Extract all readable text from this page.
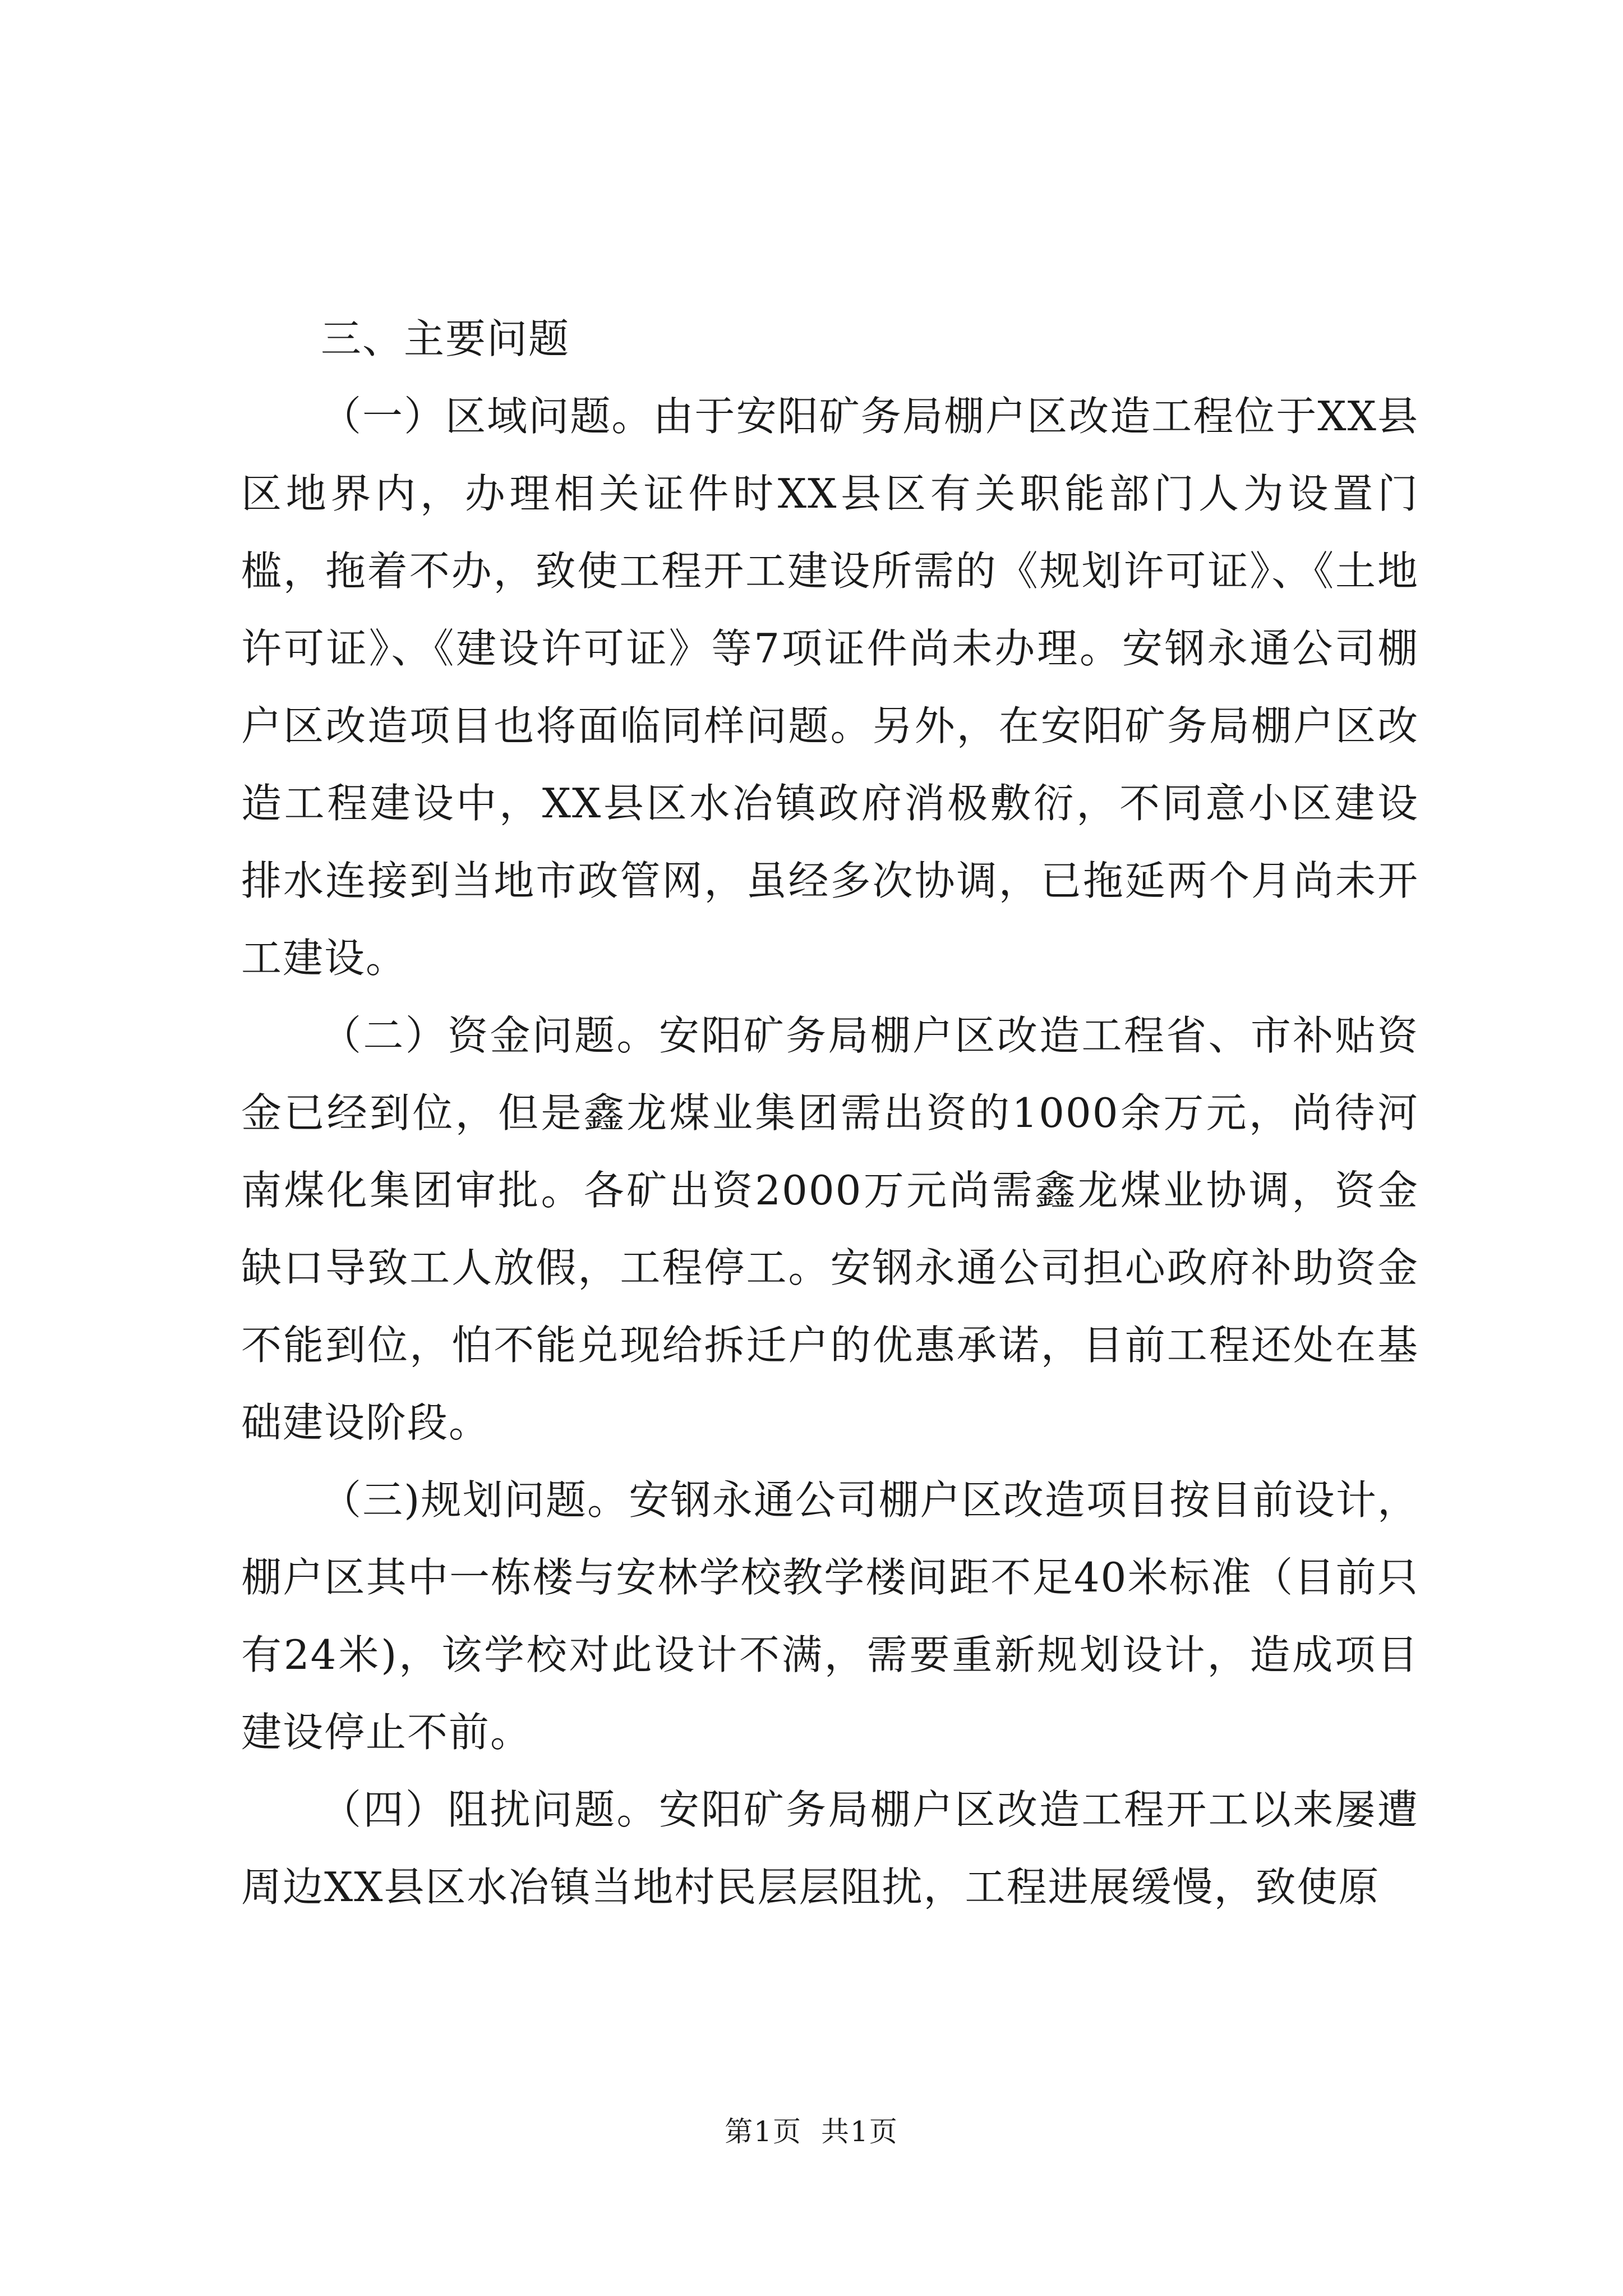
三、主要问题

（一）区域问题。由于安阳矿务局棚户区改造工程位于XX县区地界内，办理相关证件时XX县区有关职能部门人为设置门槛，拖着不办，致使工程开工建设所需的《规划许可证》、《土地许可证》、《建设许可证》等7项证件尚未办理。安钢永通公司棚户区改造项目也将面临同样问题。另外，在安阳矿务局棚户区改造工程建设中，XX县区水冶镇政府消极敷衍，不同意小区建设排水连接到当地市政管网，虽经多次协调，已拖延两个月尚未开工建设。

（二）资金问题。安阳矿务局棚户区改造工程省、市补贴资金已经到位，但是鑫龙煤业集团需出资的1000余万元，尚待河南煤化集团审批。各矿出资2000万元尚需鑫龙煤业协调，资金缺口导致工人放假，工程停工。安钢永通公司担心政府补助资金不能到位，怕不能兑现给拆迁户的优惠承诺，目前工程还处在基础建设阶段。

（三)规划问题。安钢永通公司棚户区改造项目按目前设计，棚户区其中一栋楼与安林学校教学楼间距不足40米标准（目前只有24米)，该学校对此设计不满，需要重新规划设计，造成项目建设停止不前。

（四）阻扰问题。安阳矿务局棚户区改造工程开工以来屡遭周边XX县区水冶镇当地村民层层阻扰，工程进展缓慢，致使原

第1页 共1页
